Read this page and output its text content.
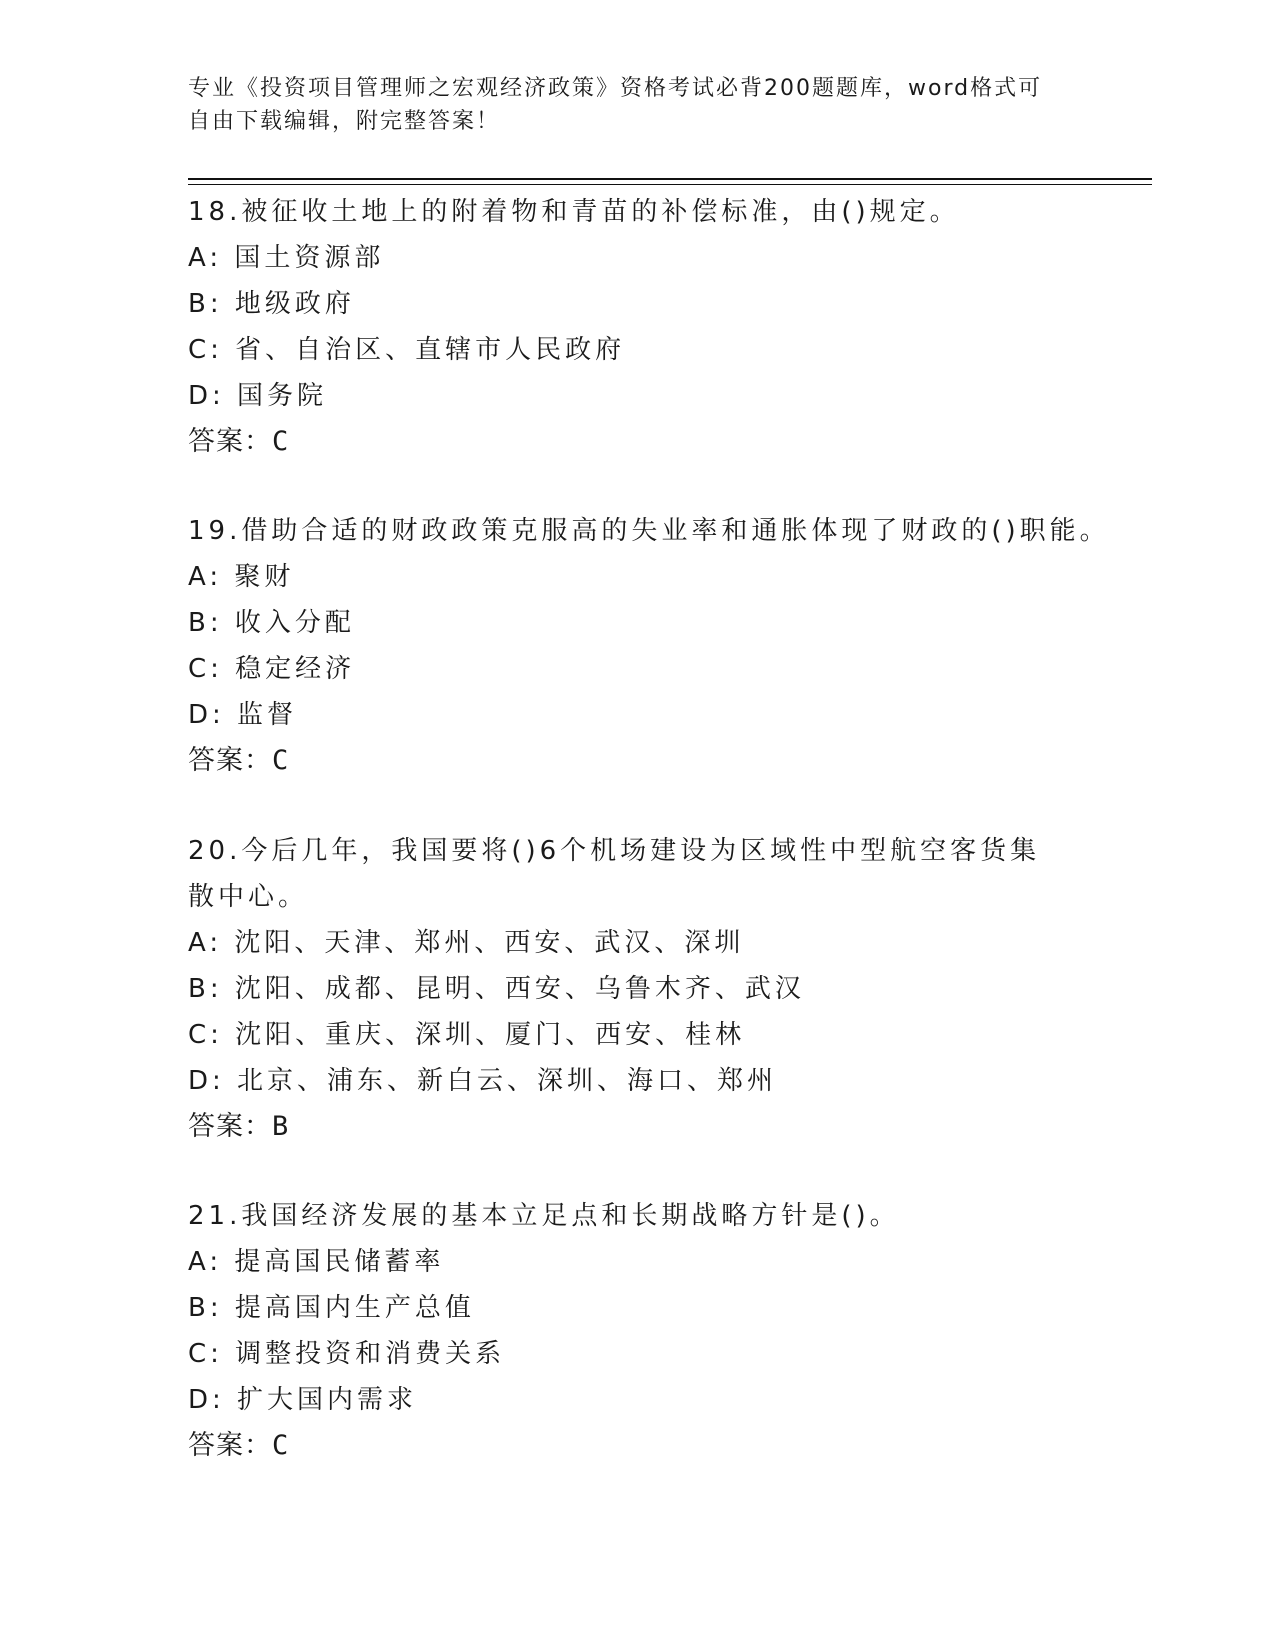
专业《投资项目管理师之宏观经济政策》资格考试必背200题题库，word格式可
自由下载编辑，附完整答案！
18.被征收土地上的附着物和青苗的补偿标准，由()规定。
A: 国土资源部
B: 地级政府
C: 省、自治区、直辖市人民政府
D: 国务院
答案：C
19.借助合适的财政政策克服高的失业率和通胀体现了财政的()职能。
A: 聚财
B: 收入分配
C: 稳定经济
D: 监督
答案：C
20.今后几年，我国要将()6个机场建设为区域性中型航空客货集散中心。
A: 沈阳、天津、郑州、西安、武汉、深圳
B: 沈阳、成都、昆明、西安、乌鲁木齐、武汉
C: 沈阳、重庆、深圳、厦门、西安、桂林
D: 北京、浦东、新白云、深圳、海口、郑州
答案：B
21.我国经济发展的基本立足点和长期战略方针是()。
A: 提高国民储蓄率
B: 提高国内生产总值
C: 调整投资和消费关系
D: 扩大国内需求
答案：C
